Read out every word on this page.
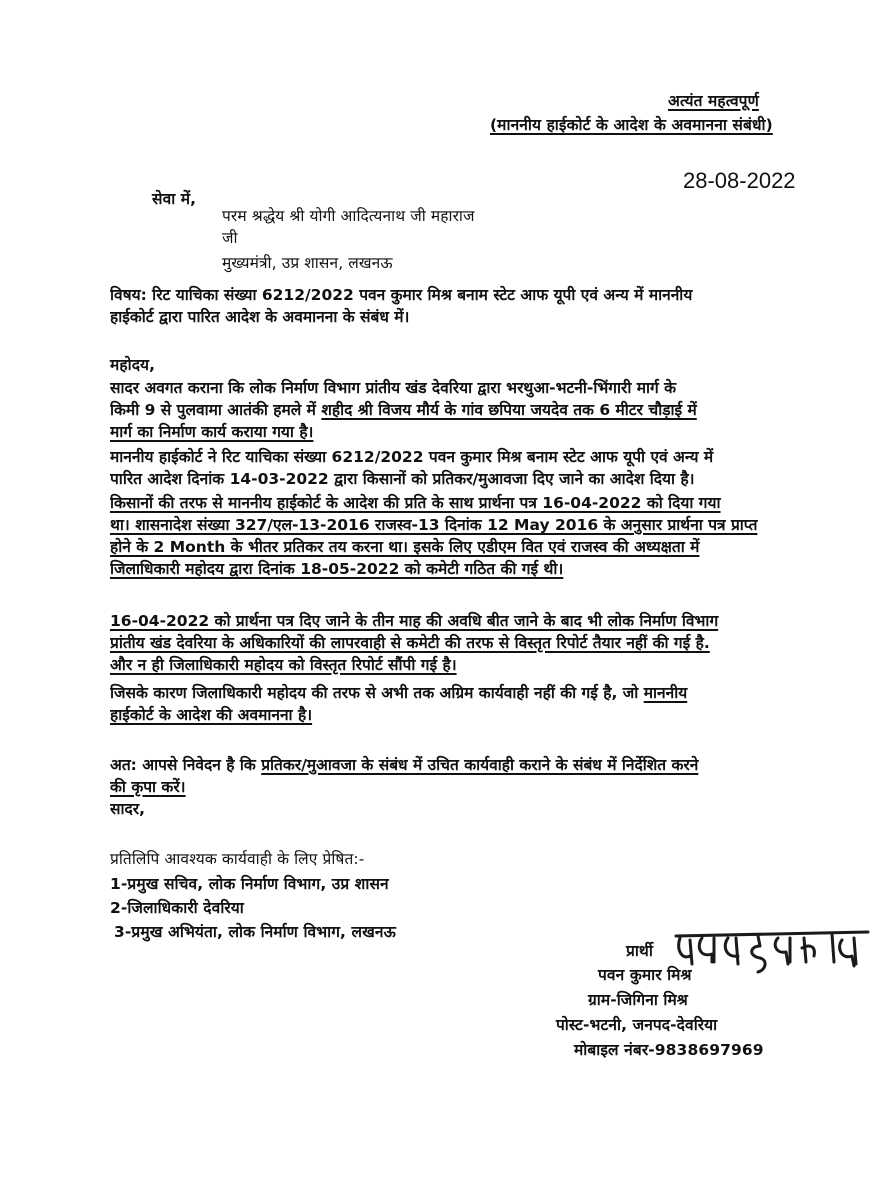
अत्यंत महत्वपूर्ण
(माननीय हाईकोर्ट के आदेश के अवमानना संबंधी)
28-08-2022
सेवा में,
परम श्रद्धेय श्री योगी आदित्यनाथ जी महाराज
जी
मुख्यमंत्री, उप्र शासन, लखनऊ
विषय: रिट याचिका संख्या 6212/2022 पवन कुमार मिश्र बनाम स्टेट आफ यूपी एवं अन्य में माननीय
हाईकोर्ट द्वारा पारित आदेश के अवमानना के संबंध में।
महोदय,
सादर अवगत कराना कि लोक निर्माण विभाग प्रांतीय खंड देवरिया द्वारा भरथुआ-भटनी-भिंगारी मार्ग के
किमी 9 से पुलवामा आतंकी हमले में शहीद श्री विजय मौर्य के गांव छपिया जयदेव तक 6 मीटर चौड़ाई में
मार्ग का निर्माण कार्य कराया गया है।
माननीय हाईकोर्ट ने रिट याचिका संख्या 6212/2022 पवन कुमार मिश्र बनाम स्टेट आफ यूपी एवं अन्य में
पारित आदेश दिनांक 14-03-2022 द्वारा किसानों को प्रतिकर/मुआवजा दिए जाने का आदेश दिया है।
किसानों की तरफ से माननीय हाईकोर्ट के आदेश की प्रति के साथ प्रार्थना पत्र 16-04-2022 को दिया गया
था। शासनादेश संख्या 327/एल-13-2016 राजस्व-13 दिनांक 12 May 2016 के अनुसार प्रार्थना पत्र प्राप्त
होने के 2 Month के भीतर प्रतिकर तय करना था। इसके लिए एडीएम वित एवं राजस्व की अध्यक्षता में
जिलाधिकारी महोदय द्वारा दिनांक 18-05-2022 को कमेटी गठित की गई थी।
16-04-2022 को प्रार्थना पत्र दिए जाने के तीन माह की अवधि बीत जाने के बाद भी लोक निर्माण विभाग
प्रांतीय खंड देवरिया के अधिकारियों की लापरवाही से कमेटी की तरफ से विस्तृत रिपोर्ट तैयार नहीं की गई है.
और न ही जिलाधिकारी महोदय को विस्तृत रिपोर्ट सौंपी गई है।
जिसके कारण जिलाधिकारी महोदय की तरफ से अभी तक अग्रिम कार्यवाही नहीं की गई है, जो माननीय
हाईकोर्ट के आदेश की अवमानना है।
अत: आपसे निवेदन है कि प्रतिकर/मुआवजा के संबंध में उचित कार्यवाही कराने के संबंध में निर्देशित करने
की कृपा करें।
सादर,
प्रतिलिपि आवश्यक कार्यवाही के लिए प्रेषित:-
1-प्रमुख सचिव, लोक निर्माण विभाग, उप्र शासन
2-जिलाधिकारी देवरिया
3-प्रमुख अभियंता, लोक निर्माण विभाग, लखनऊ
प्रार्थी
पवन कुमार मिश्र
ग्राम-जिगिना मिश्र
पोस्ट-भटनी, जनपद-देवरिया
मोबाइल नंबर-9838697969
